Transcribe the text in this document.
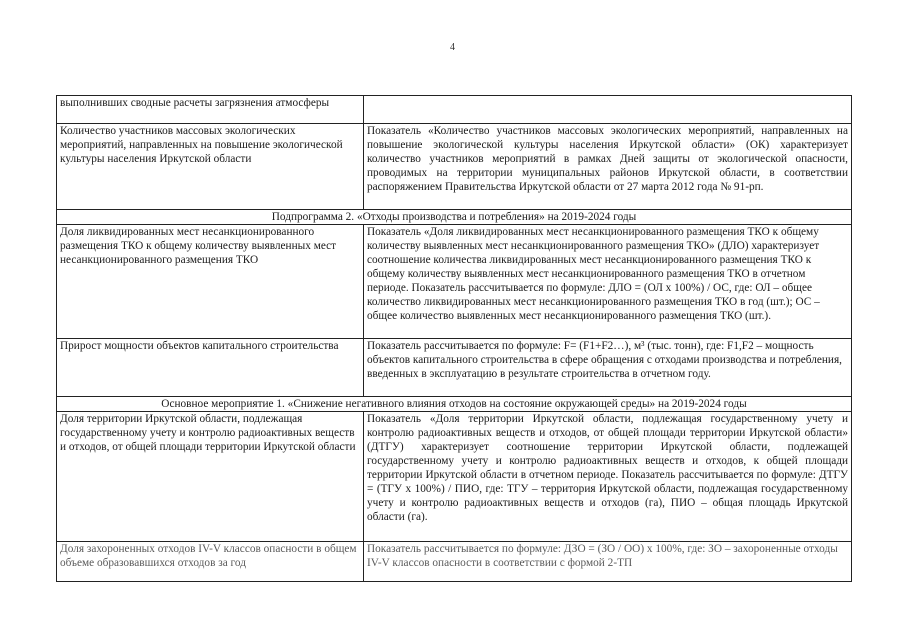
4
выполнивших сводные расчеты загрязнения атмосферы	
Количество участников массовых экологических мероприятий, направленных на повышение экологической культуры населения Иркутской области	Показатель «Количество участников массовых экологических мероприятий, направленных на повышение экологической культуры населения Иркутской области» (ОК) характеризует количество участников мероприятий в рамках Дней защиты от экологической опасности, проводимых на территории муниципальных районов Иркутской области, в соответствии распоряжением Правительства Иркутской области от 27 марта 2012 года № 91-рп.
Подпрограмма 2. «Отходы производства и потребления» на 2019-2024 годы	
Доля ликвидированных мест несанкционированного размещения ТКО к общему количеству выявленных мест несанкционированного размещения ТКО	Показатель «Доля ликвидированных мест несанкционированного размещения ТКО к общему количеству выявленных мест несанкционированного размещения ТКО» (ДЛО) характеризует соотношение количества ликвидированных мест несанкционированного размещения ТКО к общему количеству выявленных мест несанкционированного размещения ТКО в отчетном периоде. Показатель рассчитывается по формуле: ДЛО = (ОЛ x 100%) / ОС, где: ОЛ – общее количество ликвидированных мест несанкционированного размещения ТКО в год (шт.); ОС – общее количество выявленных мест несанкционированного размещения ТКО (шт.).
Прирост мощности объектов капитального строительства	Показатель рассчитывается по формуле: F= (F1+F2…), м³ (тыс. тонн), где: F1,F2 – мощность объектов капитального строительства в сфере обращения с отходами производства и потребления, введенных в эксплуатацию в результате строительства в отчетном году.
Основное мероприятие 1. «Снижение негативного влияния отходов на состояние окружающей среды» на 2019-2024 годы	
Доля территории Иркутской области, подлежащая государственному учету и контролю радиоактивных веществ и отходов, от общей площади территории Иркутской области	Показатель «Доля территории Иркутской области, подлежащая государственному учету и контролю радиоактивных веществ и отходов, от общей площади территории Иркутской области» (ДТГУ) характеризует соотношение территории Иркутской области, подлежащей государственному учету и контролю радиоактивных веществ и отходов, к общей площади территории Иркутской области в отчетном периоде. Показатель рассчитывается по формуле: ДТГУ = (ТГУ x 100%) / ПИО, где: ТГУ – территория Иркутской области, подлежащая государственному учету и контролю радиоактивных веществ и отходов (га), ПИО – общая площадь Иркутской области (га).
Доля захороненных отходов IV-V классов опасности в общем объеме образовавшихся отходов за год	Показатель рассчитывается по формуле: ДЗО = (ЗО / ОО) x 100%, где: ЗО – захороненные отходы IV-V классов опасности в соответствии с формой 2-ТП
